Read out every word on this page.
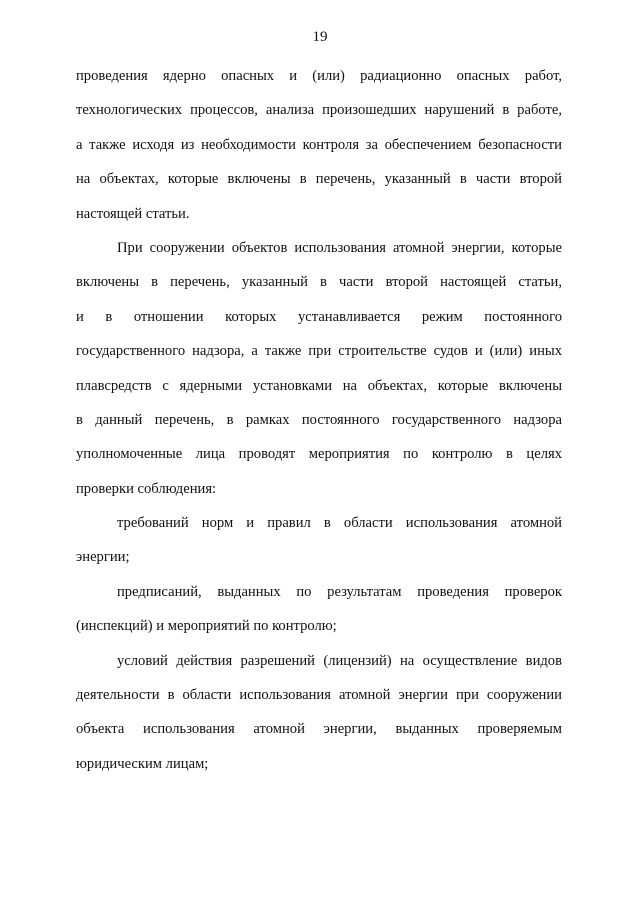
19
проведения ядерно опасных и (или) радиационно опасных работ,
технологических процессов, анализа произошедших нарушений в работе,
а также исходя из необходимости контроля за обеспечением безопасности
на объектах, которые включены в перечень, указанный в части второй
настоящей статьи.
При сооружении объектов использования атомной энергии, которые
включены в перечень, указанный в части второй настоящей статьи,
и в отношении которых устанавливается режим постоянного
государственного надзора, а также при строительстве судов и (или) иных
плавсредств с ядерными установками на объектах, которые включены
в данный перечень, в рамках постоянного государственного надзора
уполномоченные лица проводят мероприятия по контролю в целях
проверки соблюдения:
требований норм и правил в области использования атомной
энергии;
предписаний, выданных по результатам проведения проверок
(инспекций) и мероприятий по контролю;
условий действия разрешений (лицензий) на осуществление видов
деятельности в области использования атомной энергии при сооружении
объекта использования атомной энергии, выданных проверяемым
юридическим лицам;
